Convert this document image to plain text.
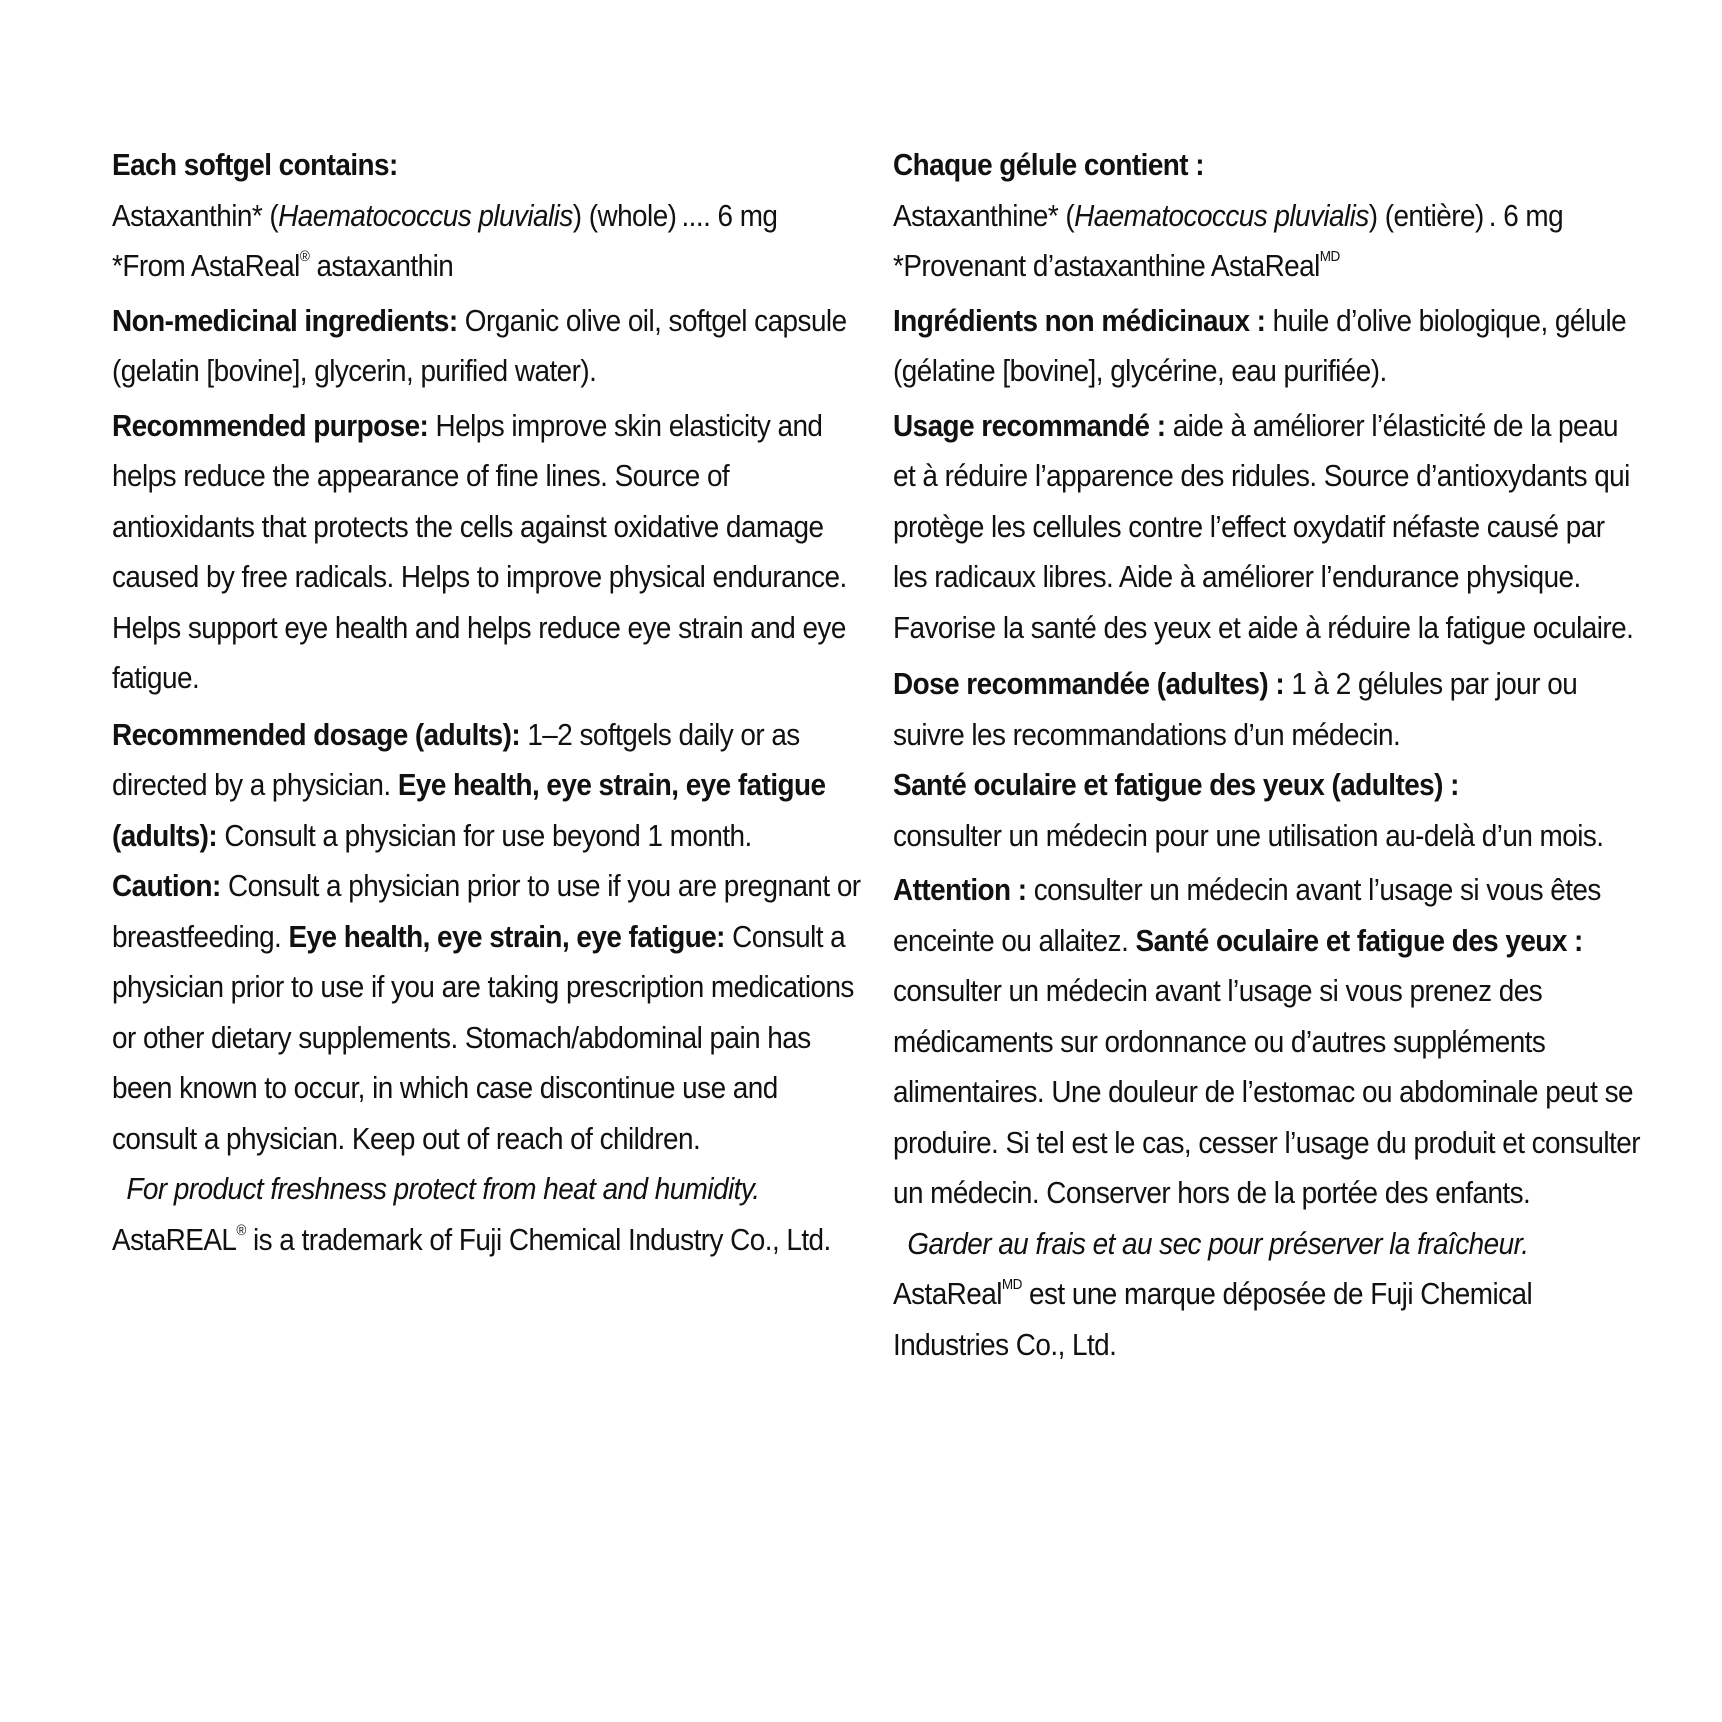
Each softgel contains:

Astaxanthin* (Haematococcus pluvialis) (whole) .... 6 mg

*From AstaReal® astaxanthin

Non-medicinal ingredients: Organic olive oil, softgel capsule (gelatin [bovine], glycerin, purified water).

Recommended purpose: Helps improve skin elasticity and helps reduce the appearance of fine lines. Source of antioxidants that protects the cells against oxidative damage caused by free radicals. Helps to improve physical endurance. Helps support eye health and helps reduce eye strain and eye fatigue.

Recommended dosage (adults): 1–2 softgels daily or as directed by a physician. Eye health, eye strain, eye fatigue (adults): Consult a physician for use beyond 1 month.

Caution: Consult a physician prior to use if you are pregnant or breastfeeding. Eye health, eye strain, eye fatigue: Consult a physician prior to use if you are taking prescription medications or other dietary supplements. Stomach/abdominal pain has been known to occur, in which case discontinue use and consult a physician. Keep out of reach of children.

For product freshness protect from heat and humidity.

AstaREAL® is a trademark of Fuji Chemical Industry Co., Ltd.

Chaque gélule contient :

Astaxanthine* (Haematococcus pluvialis) (entière) . 6 mg

*Provenant d’astaxanthine AstaReal$^{MD}$

Ingrédients non médicinaux : huile d’olive biologique, gélule (gélatine [bovine], glycérine, eau purifiée).

Usage recommandé : aide à améliorer l’élasticité de la peau et à réduire l’apparence des ridules. Source d’antioxydants qui protège les cellules contre l’effect oxydatif néfaste causé par les radicaux libres. Aide à améliorer l’endurance physique. Favorise la santé des yeux et aide à réduire la fatigue oculaire.

Dose recommandée (adultes) : 1 à 2 gélules par jour ou suivre les recommandations d’un médecin.

Santé oculaire et fatigue des yeux (adultes) :
consulter un médecin pour une utilisation au-delà d’un mois.

Attention : consulter un médecin avant l’usage si vous êtes enceinte ou allaitez. Santé oculaire et fatigue des yeux : consulter un médecin avant l’usage si vous prenez des médicaments sur ordonnance ou d’autres suppléments alimentaires. Une douleur de l’estomac ou abdominale peut se produire. Si tel est le cas, cesser l’usage du produit et consulter un médecin. Conserver hors de la portée des enfants.

Garder au frais et au sec pour préserver la fraîcheur.

AstaReal$^{MD}$ est une marque déposée de Fuji Chemical Industries Co., Ltd.
